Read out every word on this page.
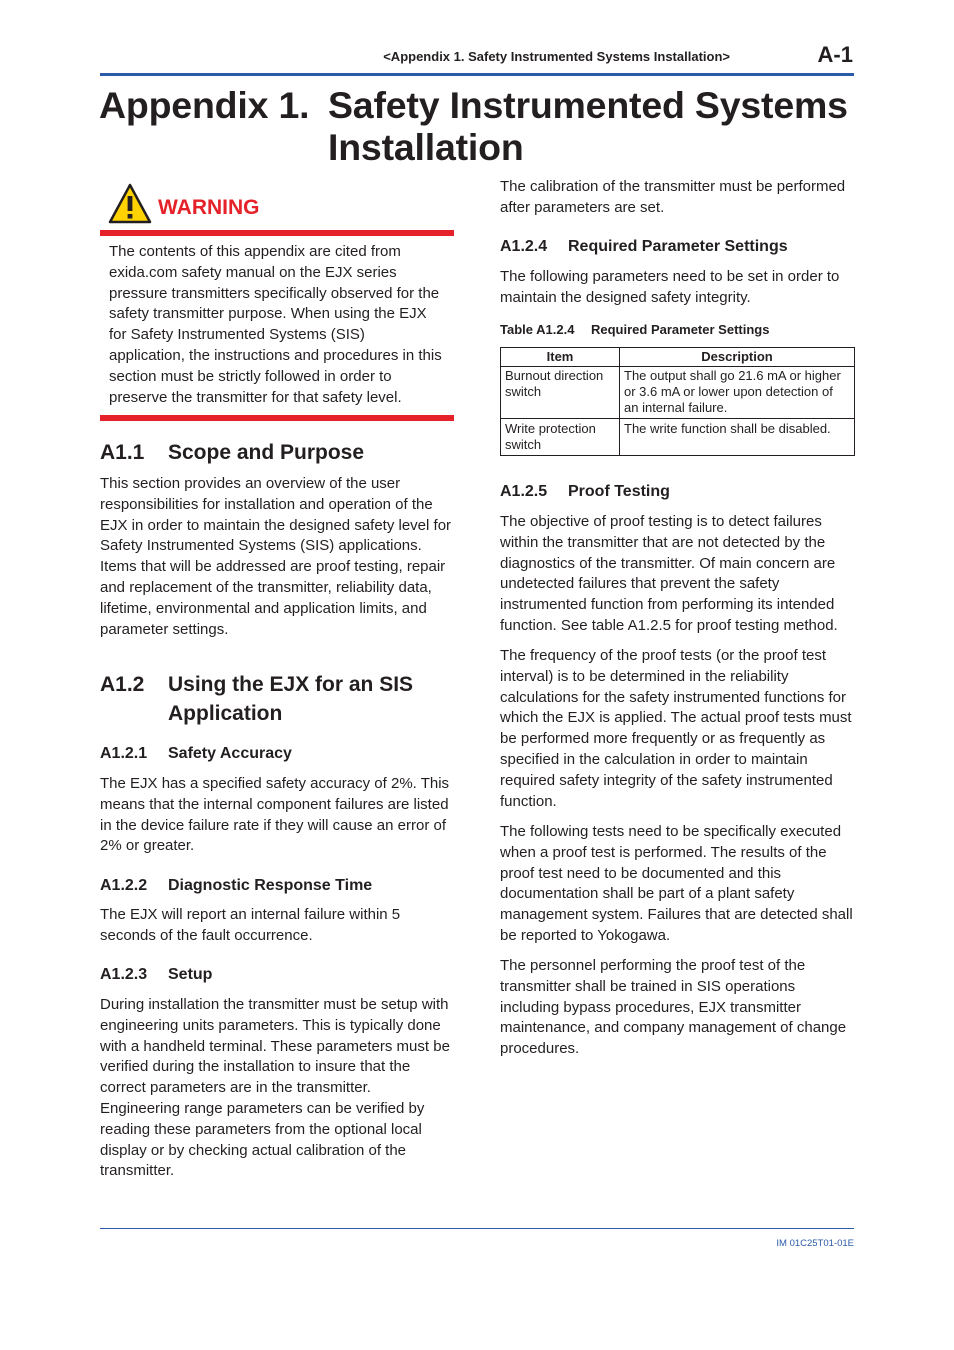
<Appendix 1. Safety Instrumented Systems Installation>	A-1
Appendix 1. Safety Instrumented Systems
Installation
WARNING
The contents of this appendix are cited from exida.com safety manual on the EJX series pressure transmitters specifically observed for the safety transmitter purpose. When using the EJX for Safety Instrumented Systems (SIS) application, the instructions and procedures in this section must be strictly followed in order to preserve the transmitter for that safety level.
A1.1 Scope and Purpose
This section provides an overview of the user responsibilities for installation and operation of the EJX in order to maintain the designed safety level for Safety Instrumented Systems (SIS) applications. Items that will be addressed are proof testing, repair and replacement of the transmitter, reliability data, lifetime, environmental and application limits, and parameter settings.
A1.2	Using the EJX for an SIS Application
A1.2.1 Safety Accuracy
The EJX has a specified safety accuracy of 2%. This means that the internal component failures are listed in the device failure rate if they will cause an error of 2% or greater.
A1.2.2 Diagnostic Response Time
The EJX will report an internal failure within 5 seconds of the fault occurrence.
A1.2.3 Setup
During installation the transmitter must be setup with engineering units parameters. This is typically done with a handheld terminal. These parameters must be verified during the installation to insure that the correct parameters are in the transmitter. Engineering range parameters can be verified by reading these parameters from the optional local display or by checking actual calibration of the transmitter.
The calibration of the transmitter must be performed after parameters are set.
A1.2.4 Required Parameter Settings
The following parameters need to be set in order to maintain the designed safety integrity.
Table A1.2.4 Required Parameter Settings
Item	Description
Burnout direction switch	The output shall go 21.6 mA or higher or 3.6 mA or lower upon detection of an internal failure.
Write protection switch	The write function shall be disabled.
A1.2.5 Proof Testing
The objective of proof testing is to detect failures within the transmitter that are not detected by the diagnostics of the transmitter. Of main concern are undetected failures that prevent the safety instrumented function from performing its intended function. See table A1.2.5 for proof testing method.
The frequency of the proof tests (or the proof test interval) is to be determined in the reliability calculations for the safety instrumented functions for which the EJX is applied. The actual proof tests must be performed more frequently or as frequently as specified in the calculation in order to maintain required safety integrity of the safety instrumented function.
The following tests need to be specifically executed when a proof test is performed. The results of the proof test need to be documented and this documentation shall be part of a plant safety management system. Failures that are detected shall be reported to Yokogawa.
The personnel performing the proof test of the transmitter shall be trained in SIS operations including bypass procedures, EJX transmitter maintenance, and company management of change procedures.
IM 01C25T01-01E
